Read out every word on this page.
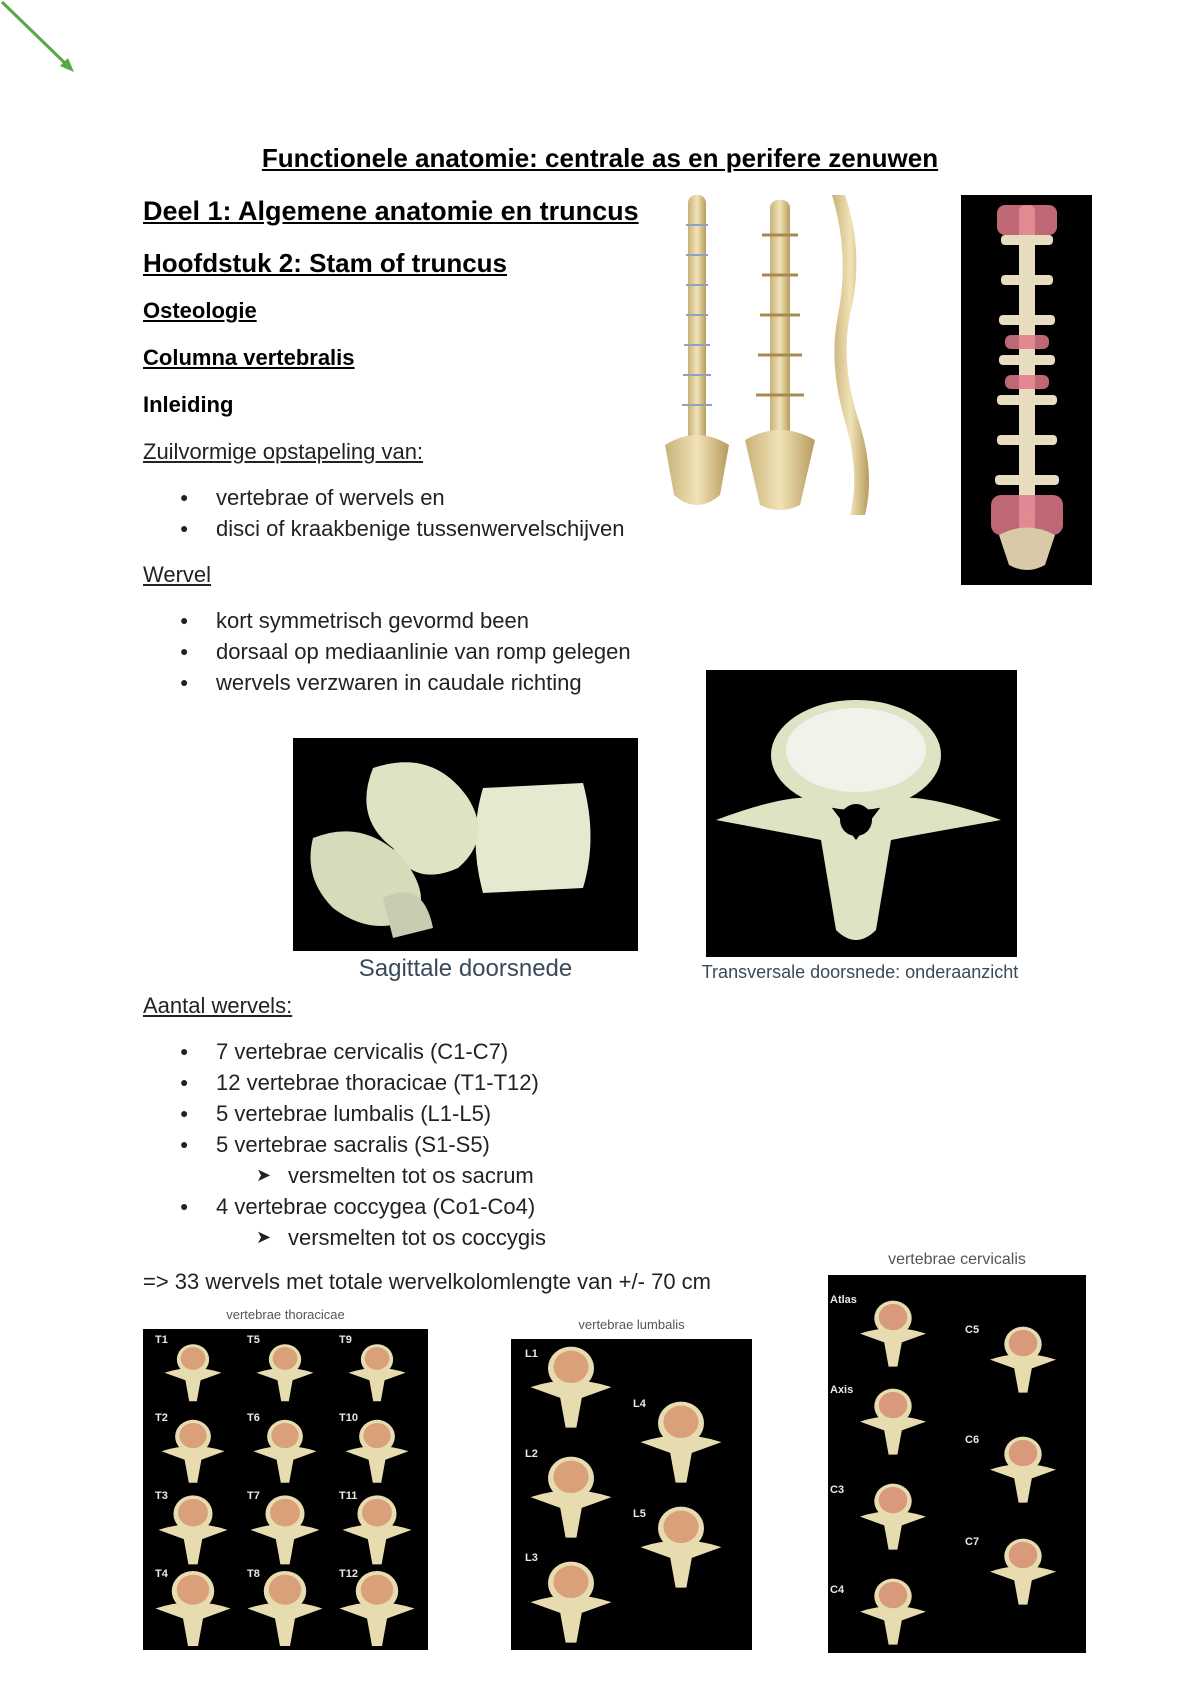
Functionele anatomie: centrale as en perifere zenuwen
Deel 1: Algemene anatomie en truncus
Hoofdstuk 2: Stam of truncus
Osteologie
Columna vertebralis
Inleiding
Zuilvormige opstapeling van:
● vertebrae of wervels en
● disci of kraakbenige tussenwervelschijven
Wervel
● kort symmetrisch gevormd been
● dorsaal op mediaanlinie van romp gelegen
● wervels verzwaren in caudale richting
Sagittale doorsnede	Transversale doorsnede: onderaanzicht
Aantal wervels:
● 7 vertebrae cervicalis (C1-C7)
● 12 vertebrae thoracicae (T1-T12)
● 5 vertebrae lumbalis (L1-L5)
● 5 vertebrae sacralis (S1-S5)
➤ versmelten tot os sacrum
● 4 vertebrae coccygea (Co1-Co4)
➤ versmelten tot os coccygis
=> 33 wervels met totale wervelkolomlengte van +/- 70 cm
vertebrae thoracicae
vertebrae lumbalis
vertebrae cervicalis
T1	T5	T9
T2	T6	T10
T3	T7	T11
T4	T8	T12
L1
L4
L2
L5
L3
Atlas
C5
Axis
C6
C3
C7
C4
